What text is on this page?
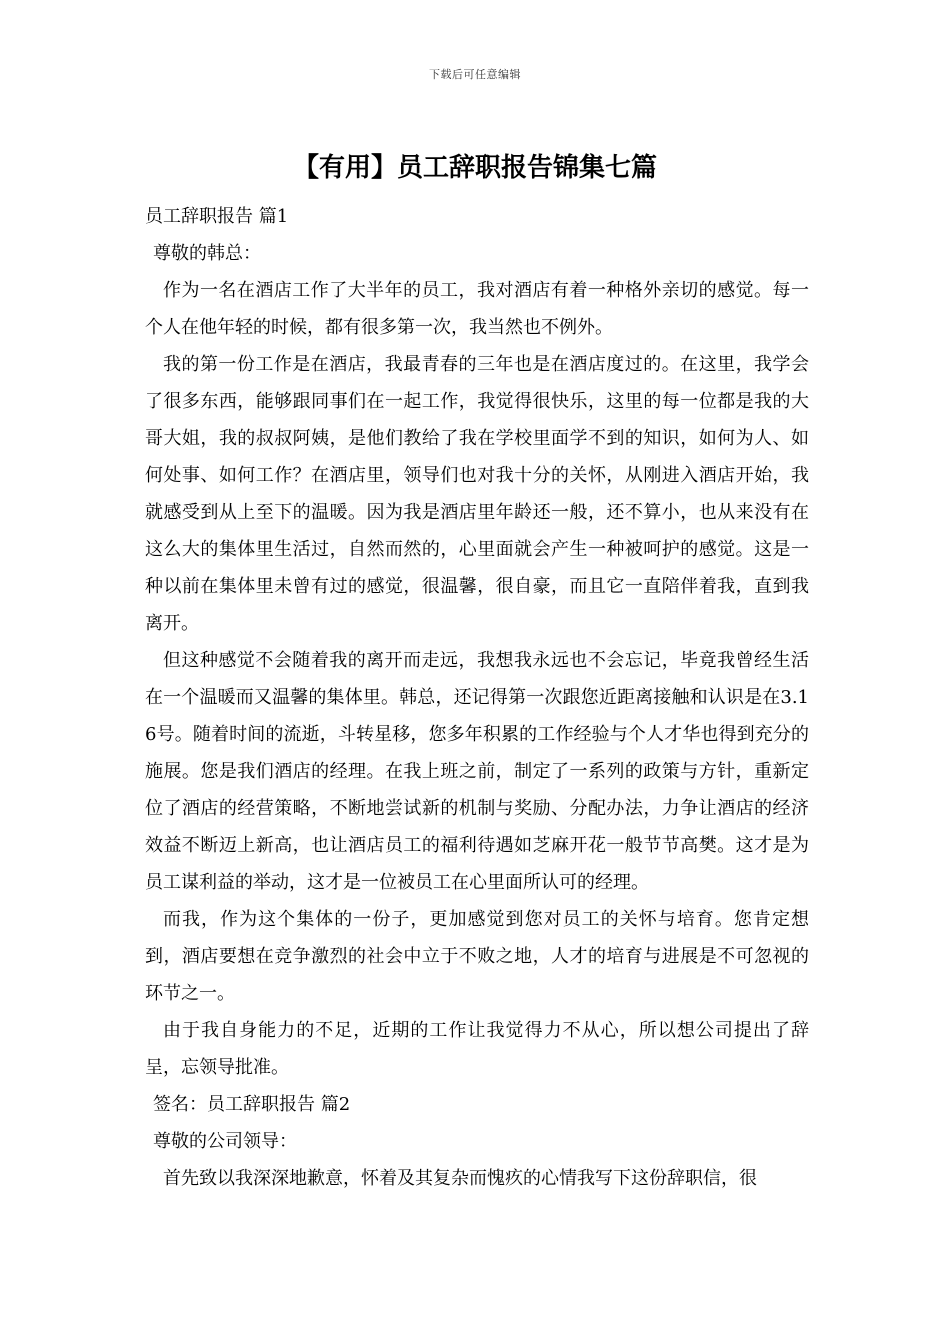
下载后可任意编辑
【有用】员工辞职报告锦集七篇

员工辞职报告 篇1

尊敬的韩总：

作为一名在酒店工作了大半年的员工，我对酒店有着一种格外亲切的感觉。每一个人在他年轻的时候，都有很多第一次，我当然也不例外。

我的第一份工作是在酒店，我最青春的三年也是在酒店度过的。在这里，我学会了很多东西，能够跟同事们在一起工作，我觉得很快乐，这里的每一位都是我的大哥大姐，我的叔叔阿姨，是他们教给了我在学校里面学不到的知识，如何为人、如何处事、如何工作？在酒店里，领导们也对我十分的关怀，从刚进入酒店开始，我就感受到从上至下的温暖。因为我是酒店里年龄还一般，还不算小，也从来没有在这么大的集体里生活过，自然而然的，心里面就会产生一种被呵护的感觉。这是一种以前在集体里未曾有过的感觉，很温馨，很自豪，而且它一直陪伴着我，直到我离开。

但这种感觉不会随着我的离开而走远，我想我永远也不会忘记，毕竟我曾经生活在一个温暖而又温馨的集体里。韩总，还记得第一次跟您近距离接触和认识是在3.16号。随着时间的流逝，斗转星移，您多年积累的工作经验与个人才华也得到充分的施展。您是我们酒店的经理。在我上班之前，制定了一系列的政策与方针，重新定位了酒店的经营策略，不断地尝试新的机制与奖励、分配办法，力争让酒店的经济效益不断迈上新高，也让酒店员工的福利待遇如芝麻开花一般节节高樊。这才是为员工谋利益的举动，这才是一位被员工在心里面所认可的经理。

而我，作为这个集体的一份子，更加感觉到您对员工的关怀与培育。您肯定想到，酒店要想在竞争激烈的社会中立于不败之地，人才的培育与进展是不可忽视的环节之一。

由于我自身能力的不足，近期的工作让我觉得力不从心，所以想公司提出了辞呈，忘领导批准。

签名：员工辞职报告 篇2

尊敬的公司领导：

首先致以我深深地歉意，怀着及其复杂而愧疚的心情我写下这份辞职信，很
